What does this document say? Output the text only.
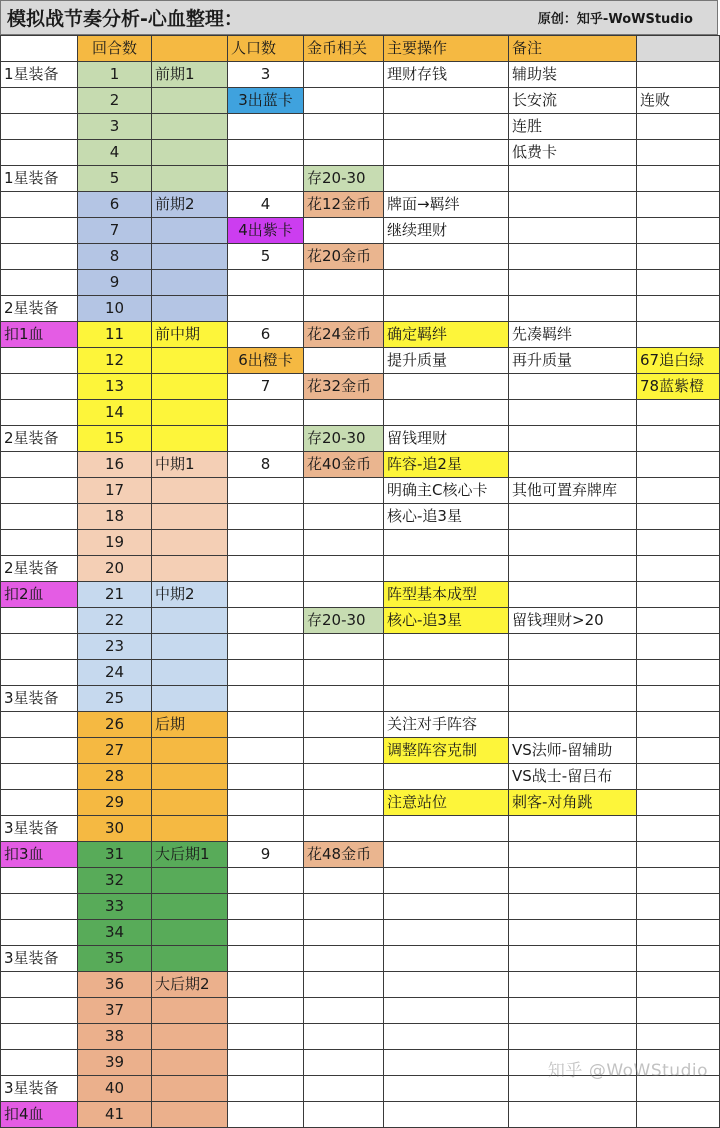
模拟战节奏分析-心血整理：	原创：知乎-WoWStudio
	回合数		人口数	金币相关	主要操作	备注	
1星装备	1	前期1	3		理财存钱	辅助装	
	2		3出蓝卡			长安流	连败
	3					连胜	
	4					低费卡	
1星装备	5			存20-30			
	6	前期2	4	花12金币	牌面→羁绊		
	7		4出紫卡		继续理财		
	8		5	花20金币			
	9						
2星装备	10						
扣1血	11	前中期	6	花24金币	确定羁绊	先凑羁绊	
	12		6出橙卡		提升质量	再升质量	67追白绿
	13		7	花32金币			78蓝紫橙
	14						
2星装备	15			存20-30	留钱理财		
	16	中期1	8	花40金币	阵容-追2星		
	17				明确主C核心卡	其他可置弃牌库	
	18				核心-追3星		
	19						
2星装备	20						
扣2血	21	中期2			阵型基本成型		
	22			存20-30	核心-追3星	留钱理财>20	
	23						
	24						
3星装备	25						
	26	后期			关注对手阵容		
	27				调整阵容克制	VS法师-留辅助	
	28					VS战士-留吕布	
	29				注意站位	刺客-对角跳	
3星装备	30						
扣3血	31	大后期1	9	花48金币			
	32						
	33						
	34						
3星装备	35						
	36	大后期2					
	37						
	38						
	39						
3星装备	40						
扣4血	41						
知乎 @WoWStudio
